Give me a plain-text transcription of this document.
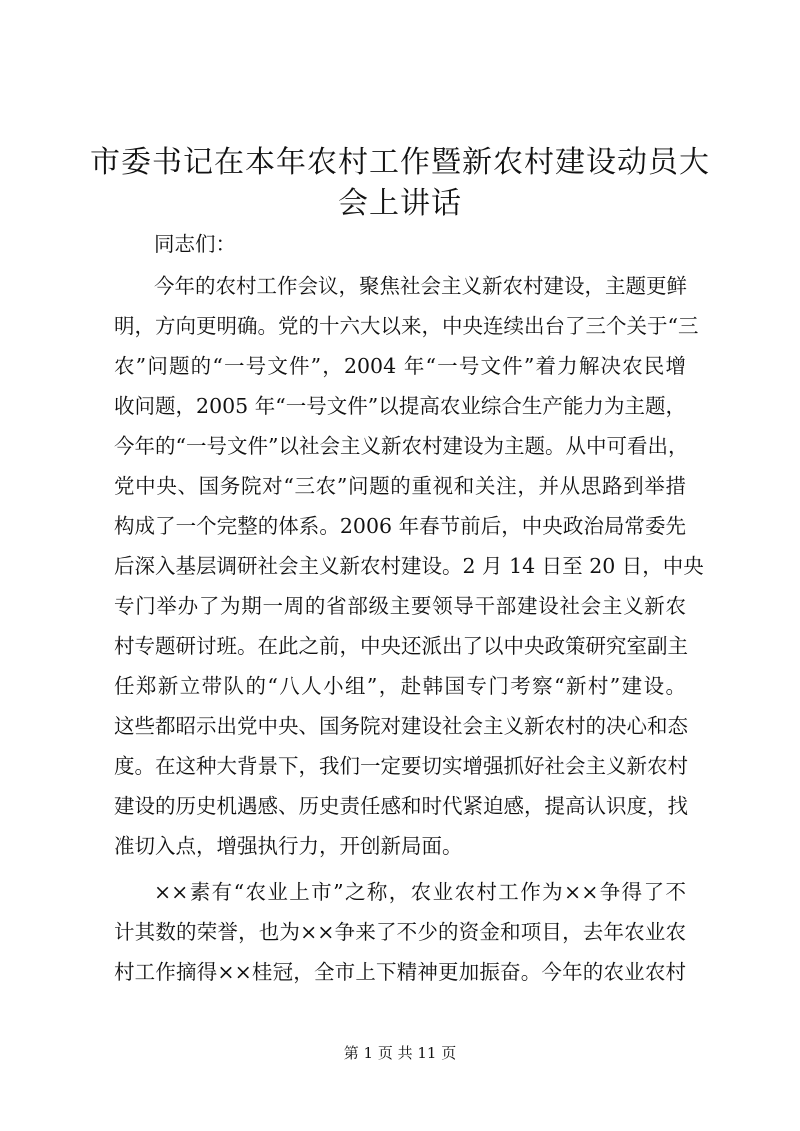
市委书记在本年农村工作暨新农村建设动员大
会上讲话
同志们：
今年的农村工作会议，聚焦社会主义新农村建设，主题更鲜
明，方向更明确。党的十六大以来，中央连续出台了三个关于“三
农”问题的“一号文件”，2004 年“一号文件”着力解决农民增
收问题，2005 年“一号文件”以提高农业综合生产能力为主题，
今年的“一号文件”以社会主义新农村建设为主题。从中可看出，
党中央、国务院对“三农”问题的重视和关注，并从思路到举措
构成了一个完整的体系。2006 年春节前后，中央政治局常委先
后深入基层调研社会主义新农村建设。2 月 14 日至 20 日，中央
专门举办了为期一周的省部级主要领导干部建设社会主义新农
村专题研讨班。在此之前，中央还派出了以中央政策研究室副主
任郑新立带队的“八人小组”，赴韩国专门考察“新村”建设。
这些都昭示出党中央、国务院对建设社会主义新农村的决心和态
度。在这种大背景下，我们一定要切实增强抓好社会主义新农村
建设的历史机遇感、历史责任感和时代紧迫感，提高认识度，找
准切入点，增强执行力，开创新局面。
××素有“农业上市”之称，农业农村工作为××争得了不
计其数的荣誉，也为××争来了不少的资金和项目，去年农业农
村工作摘得××桂冠，全市上下精神更加振奋。今年的农业农村
第 1 页 共 11 页
